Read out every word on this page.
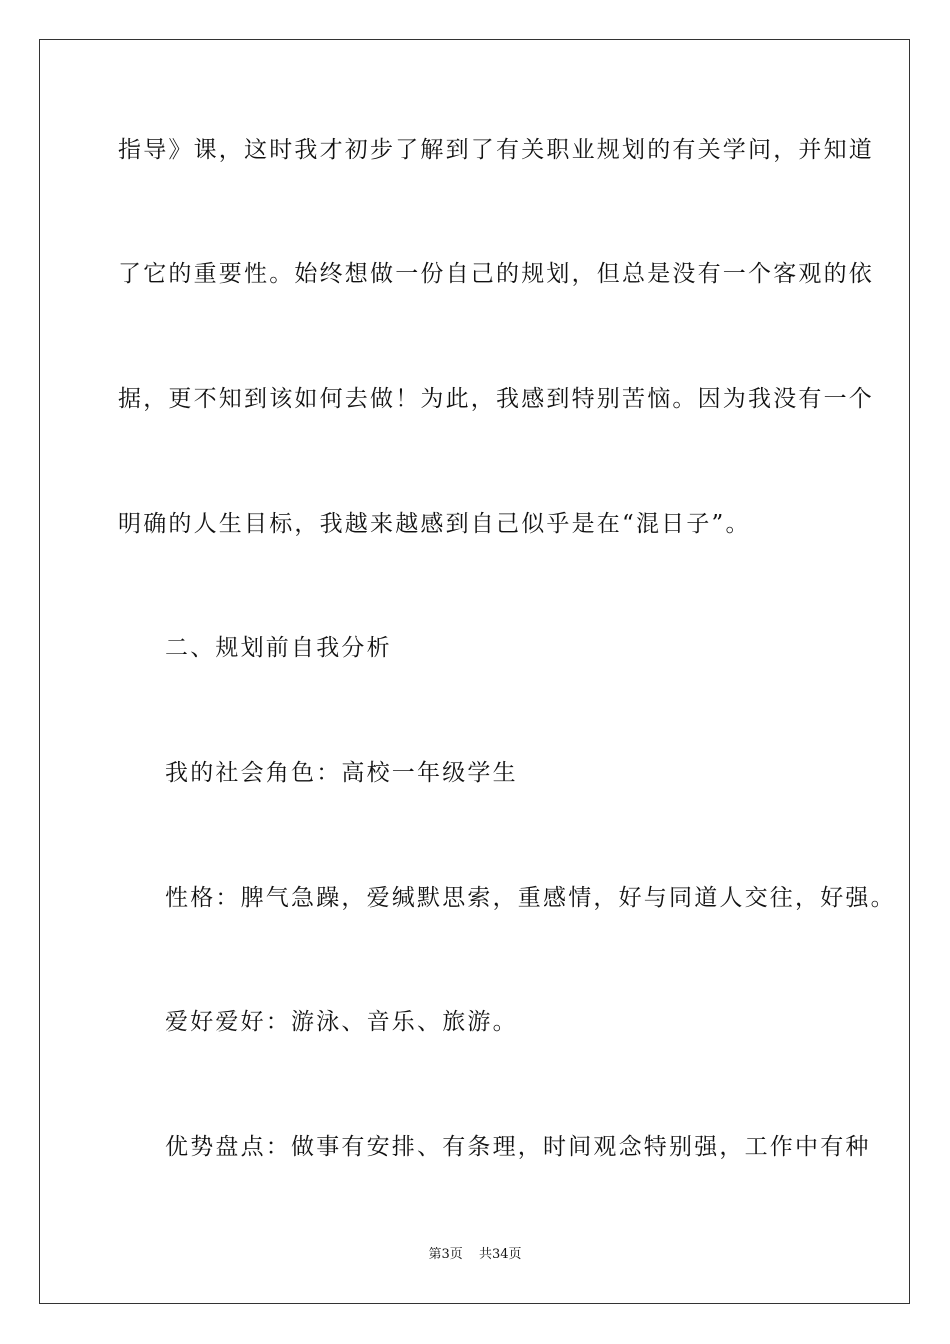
指导》课，这时我才初步了解到了有关职业规划的有关学问，并知道
了它的重要性。始终想做一份自己的规划，但总是没有一个客观的依
据，更不知到该如何去做！为此，我感到特别苦恼。因为我没有一个
明确的人生目标，我越来越感到自己似乎是在“混日子”。
二、规划前自我分析
我的社会角色：高校一年级学生
性格：脾气急躁，爱缄默思索，重感情，好与同道人交往，好强。
爱好爱好：游泳、音乐、旅游。
优势盘点：做事有安排、有条理，时间观念特别强，工作中有种
第3页 共34页
